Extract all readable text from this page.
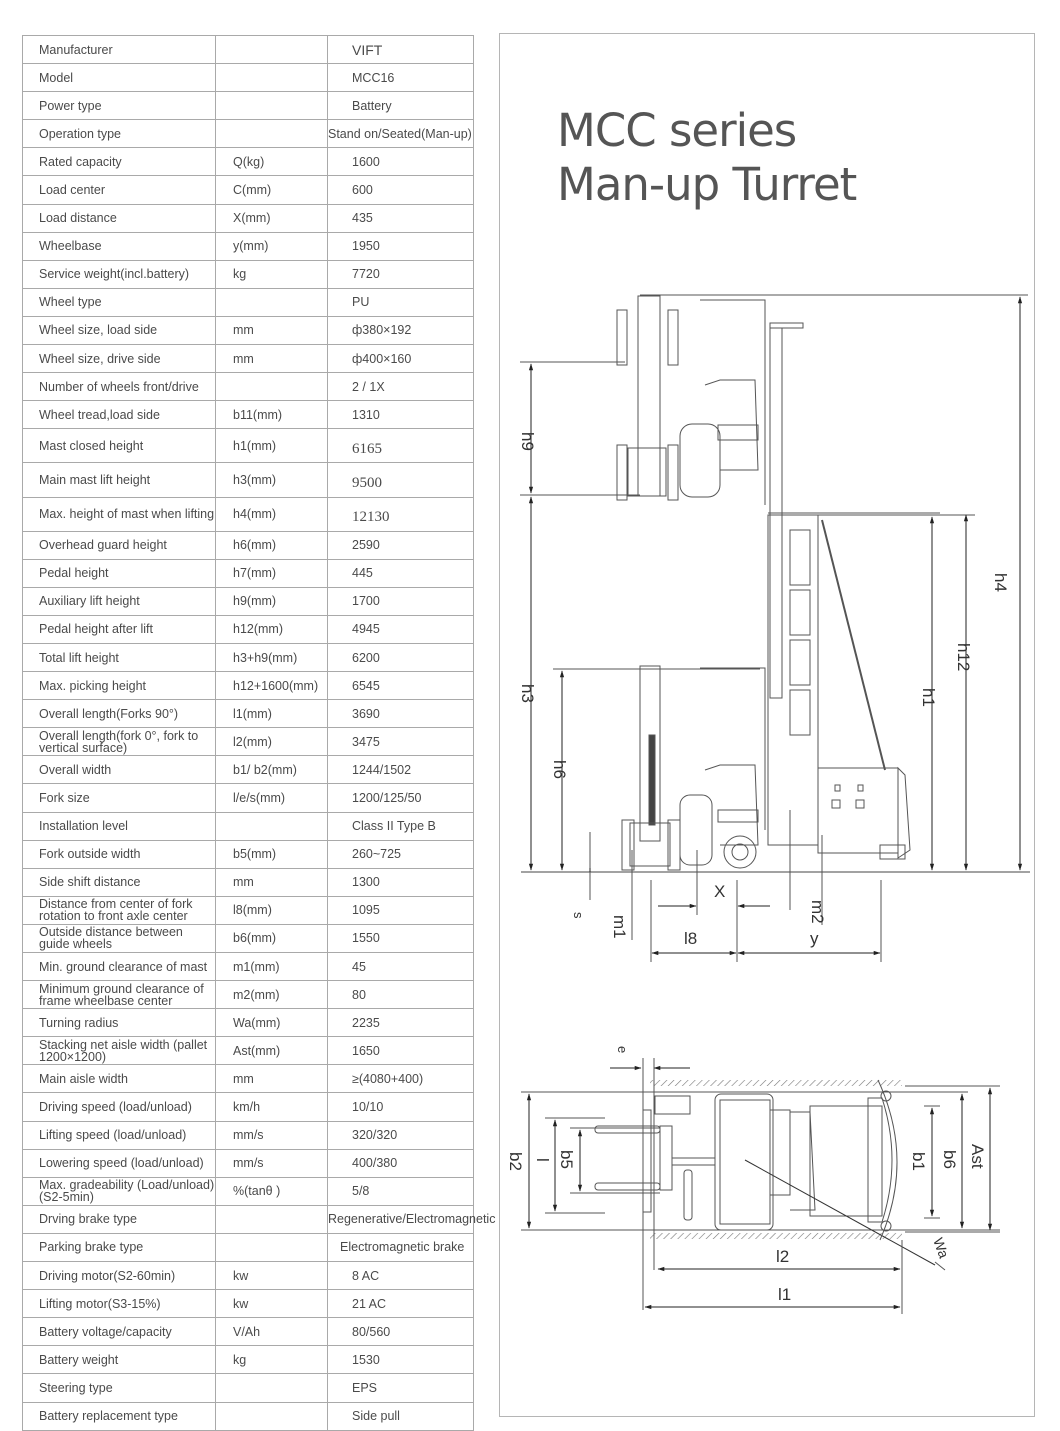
Manufacturer		VIFT
Model		MCC16
Power type		Battery
Operation type		Stand on/Seated(Man-up)
Rated capacity	Q(kg)	1600
Load center	C(mm)	600
Load distance	X(mm)	435
Wheelbase	y(mm)	1950
Service weight(incl.battery)	kg	7720
Wheel type		PU
Wheel size, load side	mm	ф380×192
Wheel size, drive side	mm	ф400×160
Number of wheels front/drive		2 / 1X
Wheel tread,load side	b11(mm)	1310
Mast closed height	h1(mm)	6165
Main mast lift height	h3(mm)	9500
Max. height of mast when lifting	h4(mm)	12130
Overhead guard height	h6(mm)	2590
Pedal height	h7(mm)	445
Auxiliary lift height	h9(mm)	1700
Pedal height after lift	h12(mm)	4945
Total lift height	h3+h9(mm)	6200
Max. picking height	h12+1600(mm)	6545
Overall length(Forks 90°)	l1(mm)	3690
Overall length(fork 0°, fork to vertical surface)	l2(mm)	3475
Overall width	b1/ b2(mm)	1244/1502
Fork size	l/e/s(mm)	1200/125/50
Installation level		Class II Type B
Fork outside width	b5(mm)	260~725
Side shift distance	mm	1300
Distance from center of fork rotation to front axle center	l8(mm)	1095
Outside distance between guide wheels	b6(mm)	1550
Min. ground clearance of mast	m1(mm)	45
Minimum ground clearance of frame wheelbase center	m2(mm)	80
Turning radius	Wa(mm)	2235
Stacking net aisle width (pallet 1200×1200)	Ast(mm)	1650
Main aisle width	mm	≥(4080+400)
Driving speed (load/unload)	km/h	10/10
Lifting speed (load/unload)	mm/s	320/320
Lowering speed (load/unload)	mm/s	400/380
Max. gradeability (Load/unload) (S2-5min)	%(tanθ )	5/8
Drving brake type		Regenerative/Electromagnetic
Parking brake type		Electromagnetic brake
Driving motor(S2-60min)	kw	8 AC
Lifting motor(S3-15%)	kw	21 AC
Battery voltage/capacity	V/Ah	80/560
Battery weight	kg	1530
Steering type		EPS
Battery replacement type		Side pull
MCC series
Man-up Turret
h9
h3
h6
h1
h12
h4
s m1
m2
X
l8	y
e
b2 l b5	b1 b6 Ast
Wa
l2
l1
